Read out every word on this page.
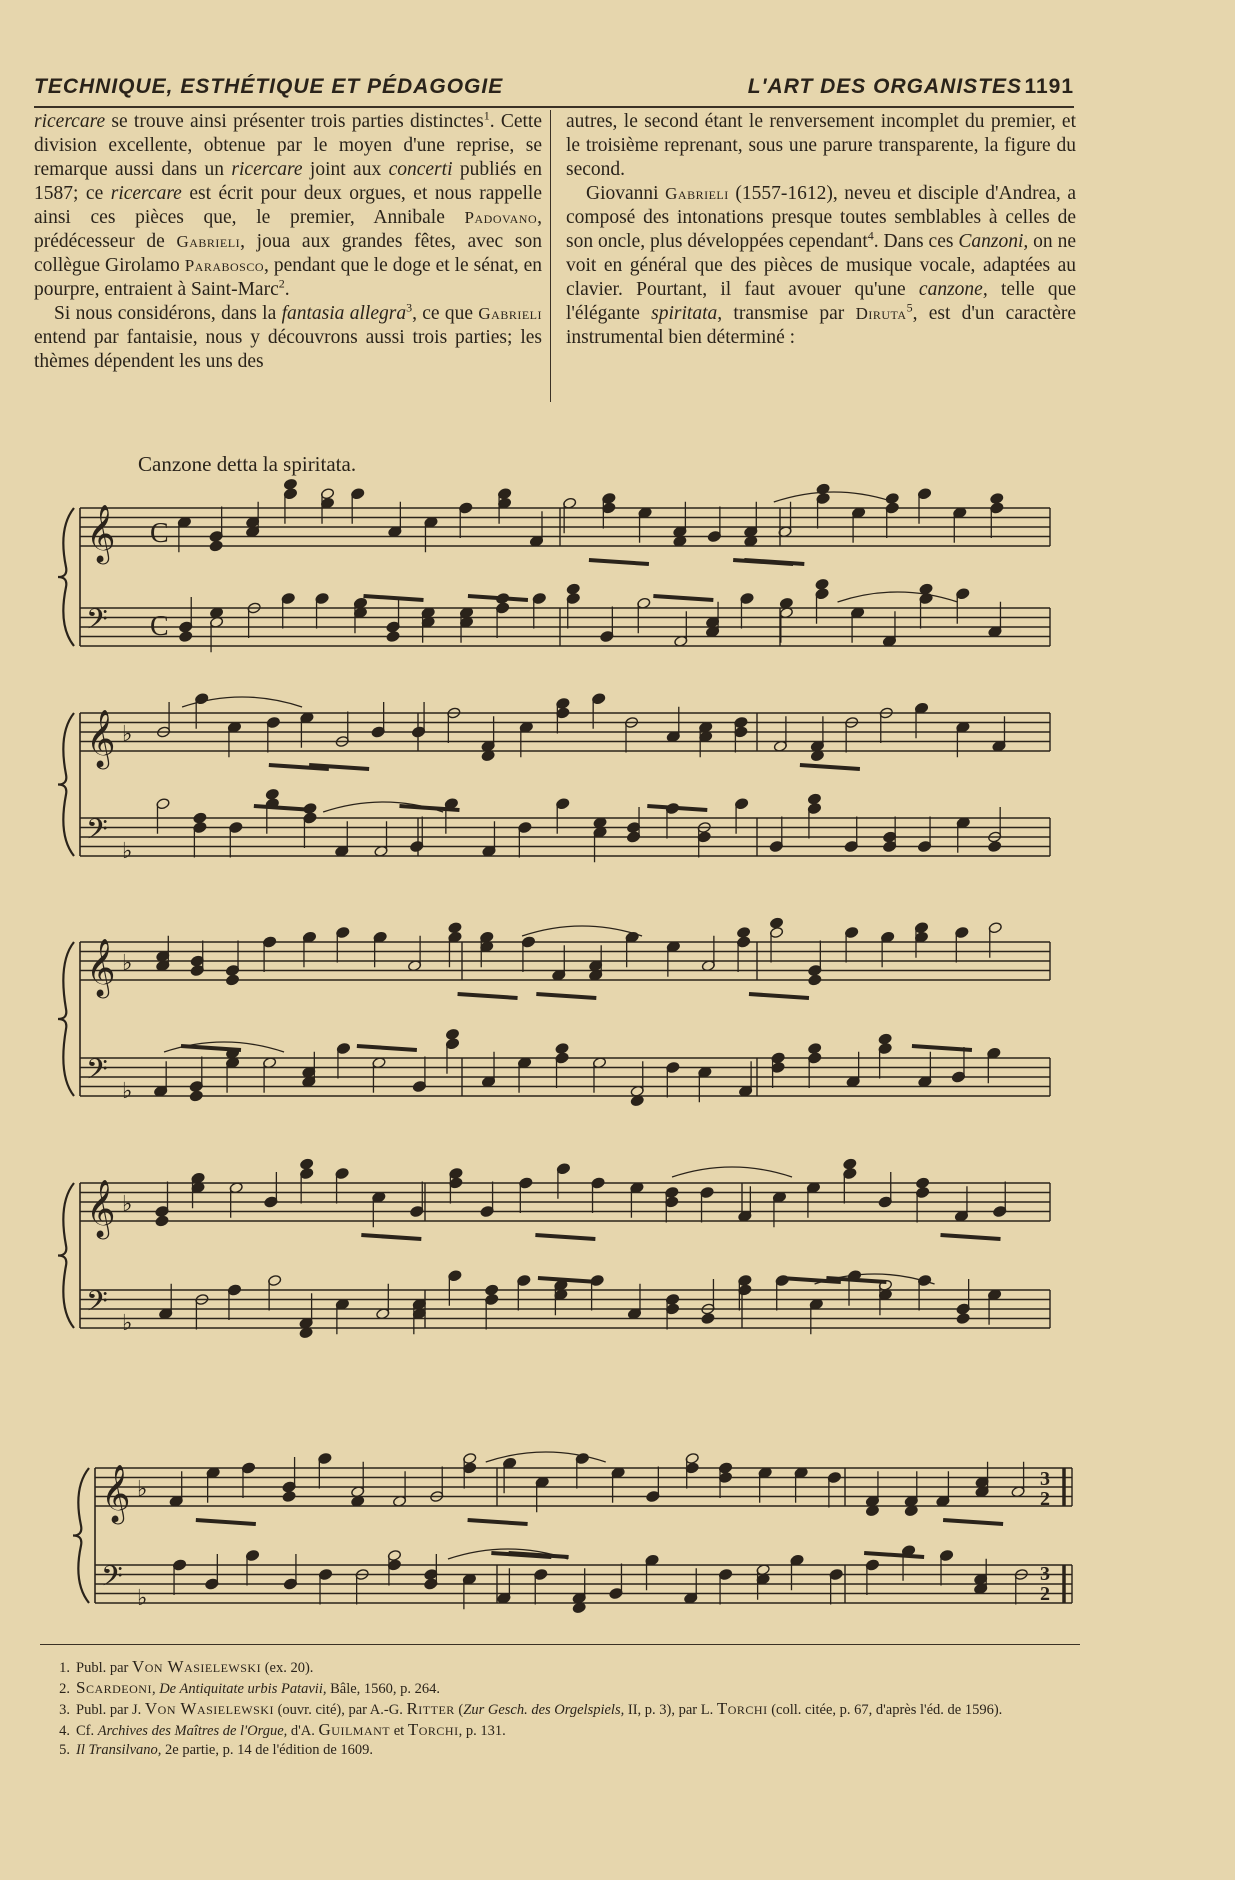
TECHNIQUE, ESTHÉTIQUE ET PÉDAGOGIE	L'ART DES ORGANISTES 1191

ricercare se trouve ainsi présenter trois parties distinctes$^1$. Cette division excellente, obtenue par le moyen d'une reprise, se remarque aussi dans un ricercare joint aux concerti publiés en 1587; ce ricercare est écrit pour deux orgues, et nous rappelle ainsi ces pièces que, le premier, Annibale Padovano, prédécesseur de Gabrieli, joua aux grandes fêtes, avec son collègue Girolamo Parabosco, pendant que le doge et le sénat, en pourpre, entraient à Saint-Marc$^2$.

Si nous considérons, dans la fantasia allegra$^3$, ce que Gabrieli entend par fantaisie, nous y découvrons aussi trois parties; les thèmes dépendent les uns des

autres, le second étant le renversement incomplet du premier, et le troisième reprenant, sous une parure transparente, la figure du second.

Giovanni Gabrieli (1557-1612), neveu et disciple d'Andrea, a composé des intonations presque toutes semblables à celles de son oncle, plus développées cependant$^4$. Dans ces Canzoni, on ne voit en général que des pièces de musique vocale, adaptées au clavier. Pourtant, il faut avouer qu'une canzone, telle que l'élégante spiritata, transmise par Diruta$^5$, est d'un caractère instrumental bien déterminé :

Canzone detta la spiritata.
𝄞
𝄢
𝄞 ♭
𝄢 ♭
𝄞 ♭
𝄢 ♭
𝄞 ♭
𝄢 ♭
𝄞 ♭
𝄢 ♭
C
C
3
2
3
2

1. Publ. par Von Wasielewski (ex. 20).

2. Scardeoni, De Antiquitate urbis Patavii, Bâle, 1560, p. 264.

3. Publ. par J. Von Wasielewski (ouvr. cité), par A.-G. Ritter (Zur Gesch. des Orgelspiels, II, p. 3), par L. Torchi (coll. citée, p. 67, d'après l'éd. de 1596).

4. Cf. Archives des Maîtres de l'Orgue, d'A. Guilmant et Torchi, p. 131.

5. Il Transilvano, 2e partie, p. 14 de l'édition de 1609.
